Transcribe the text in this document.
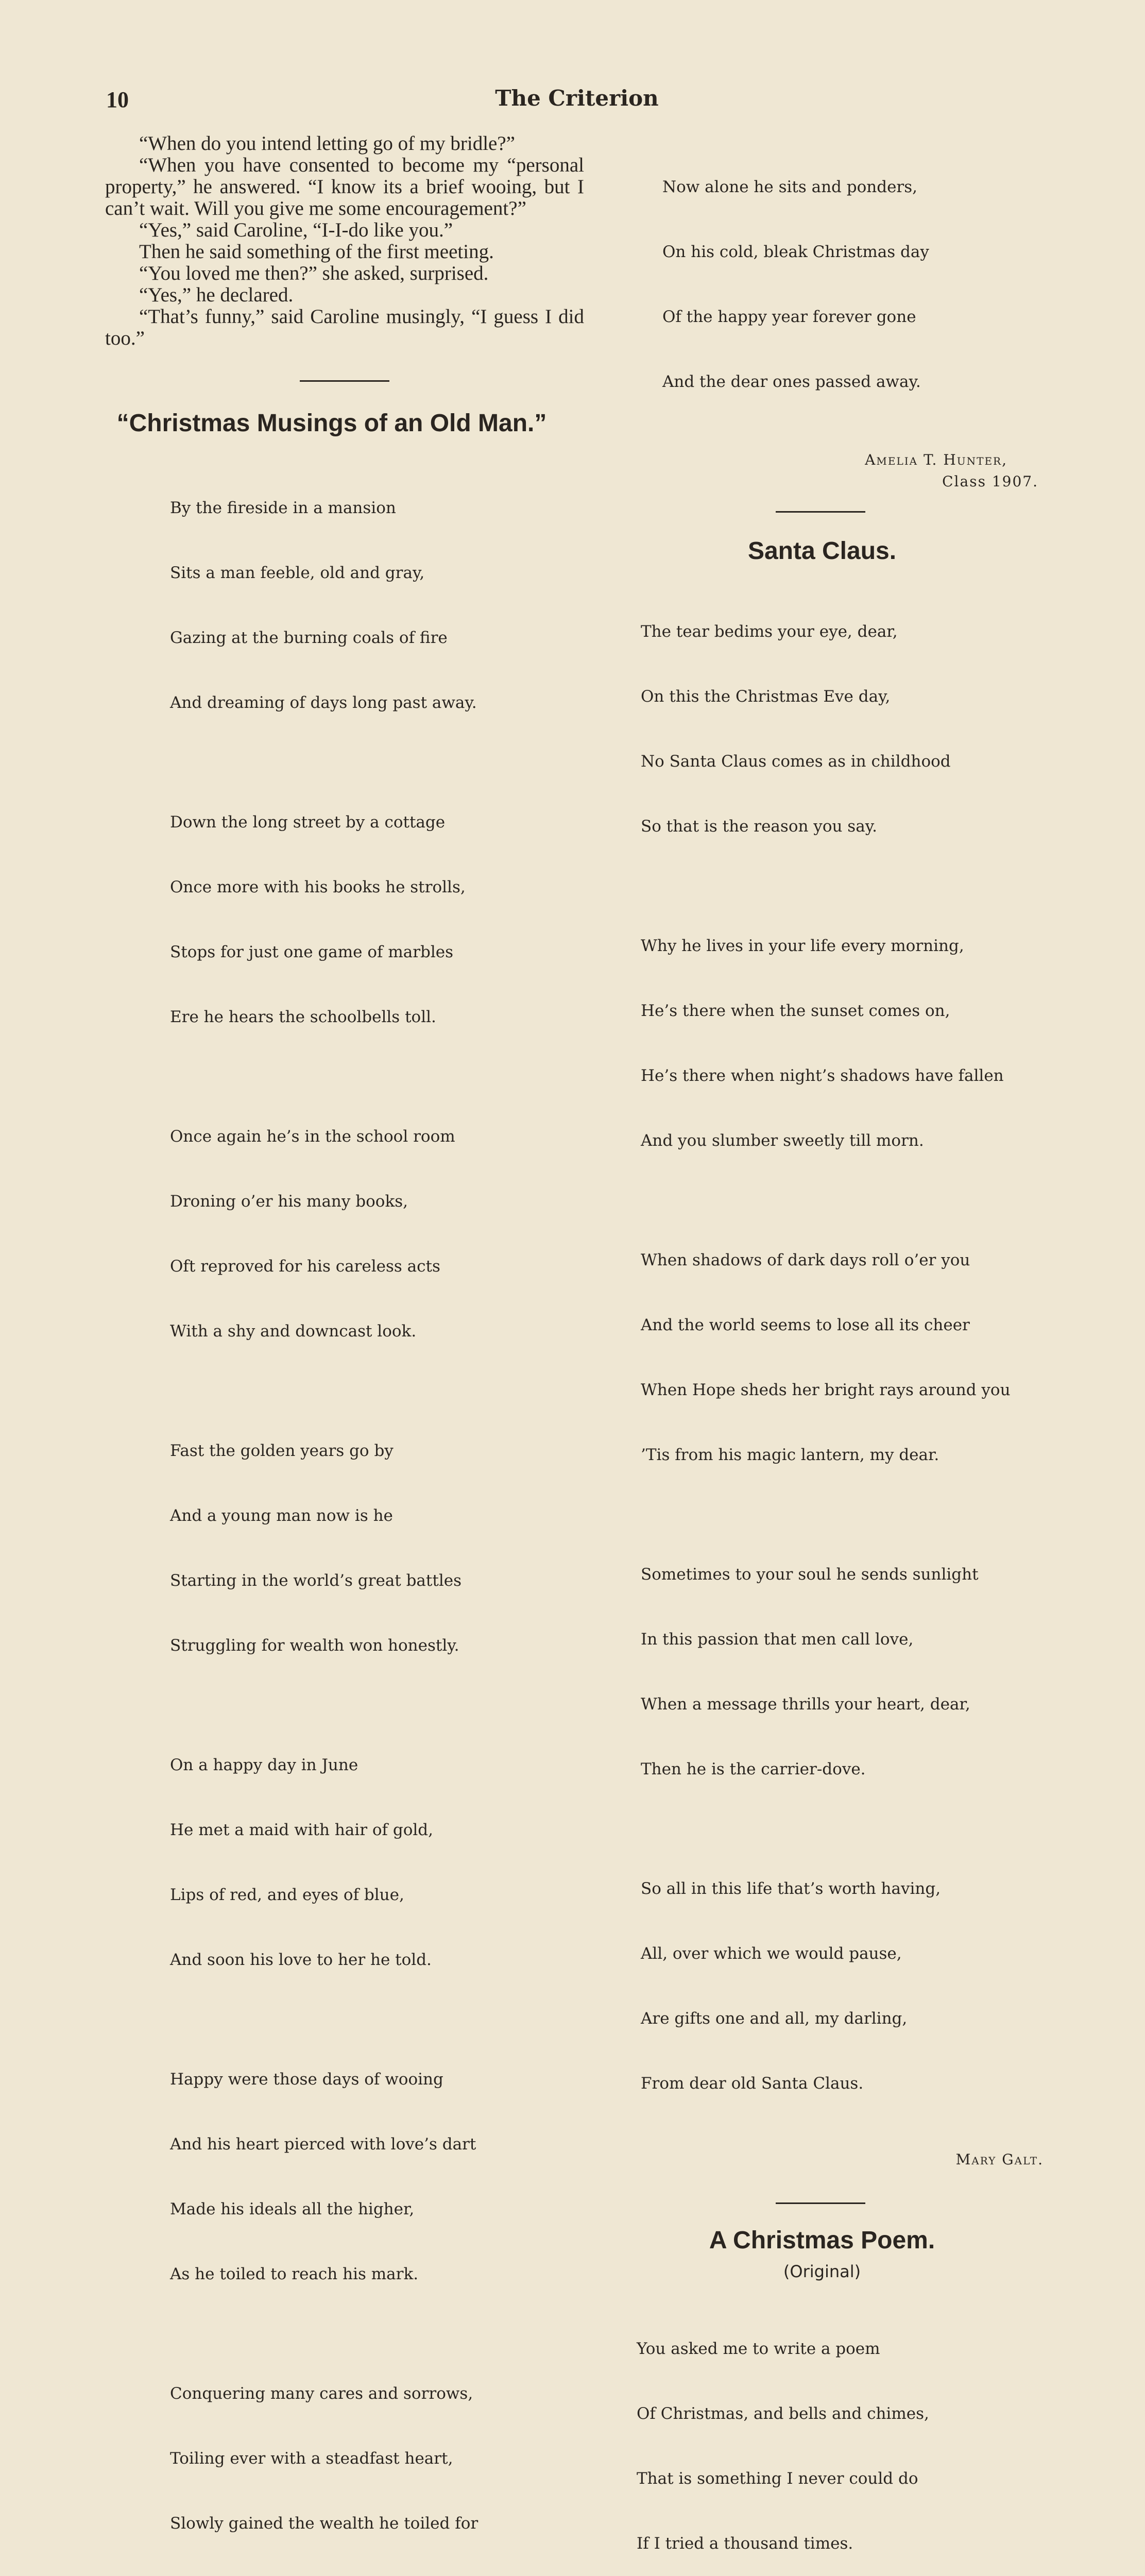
10	The Criterion

“When do you intend letting go of my bridle?”

“When you have consented to become my “personal property,” he answered. “I know its a brief wooing, but I can’t wait. Will you give me some encouragement?”

“Yes,” said Caroline, “I-I-do like you.”

Then he said something of the first meeting.

“You loved me then?” she asked, surprised.

“Yes,” he declared.

“That’s funny,” said Caroline musingly, “I guess I did too.”

“Christmas Musings of an Old Man.”

By the fireside in a mansion

Sits a man feeble, old and gray,

Gazing at the burning coals of fire

And dreaming of days long past away.

Down the long street by a cottage

Once more with his books he strolls,

Stops for just one game of marbles

Ere he hears the schoolbells toll.

Once again he’s in the school room

Droning o’er his many books,

Oft reproved for his careless acts

With a shy and downcast look.

Fast the golden years go by

And a young man now is he

Starting in the world’s great battles

Struggling for wealth won honestly.

On a happy day in June

He met a maid with hair of gold,

Lips of red, and eyes of blue,

And soon his love to her he told.

Happy were those days of wooing

And his heart pierced with love’s dart

Made his ideals all the higher,

As he toiled to reach his mark.

Conquering many cares and sorrows,

Toiling ever with a steadfast heart,

Slowly gained the wealth he toiled for

Now alone he sits and ponders,

On his cold, bleak Christmas day

Of the happy year forever gone

And the dear ones passed away.

Amelia T. Hunter,
Class 1907.
Santa Claus.

The tear bedims your eye, dear,

On this the Christmas Eve day,

No Santa Claus comes as in childhood

So that is the reason you say.

Why he lives in your life every morning,

He’s there when the sunset comes on,

He’s there when night’s shadows have fallen

And you slumber sweetly till morn.

When shadows of dark days roll o’er you

And the world seems to lose all its cheer

When Hope sheds her bright rays around you

’Tis from his magic lantern, my dear.

Sometimes to your soul he sends sunlight

In this passion that men call love,

When a message thrills your heart, dear,

Then he is the carrier-dove.

So all in this life that’s worth having,

All, over which we would pause,

Are gifts one and all, my darling,

From dear old Santa Claus.

Mary Galt.
A Christmas Poem.
(Original)

You asked me to write a poem

Of Christmas, and bells and chimes,

That is something I never could do

If I tried a thousand times.
